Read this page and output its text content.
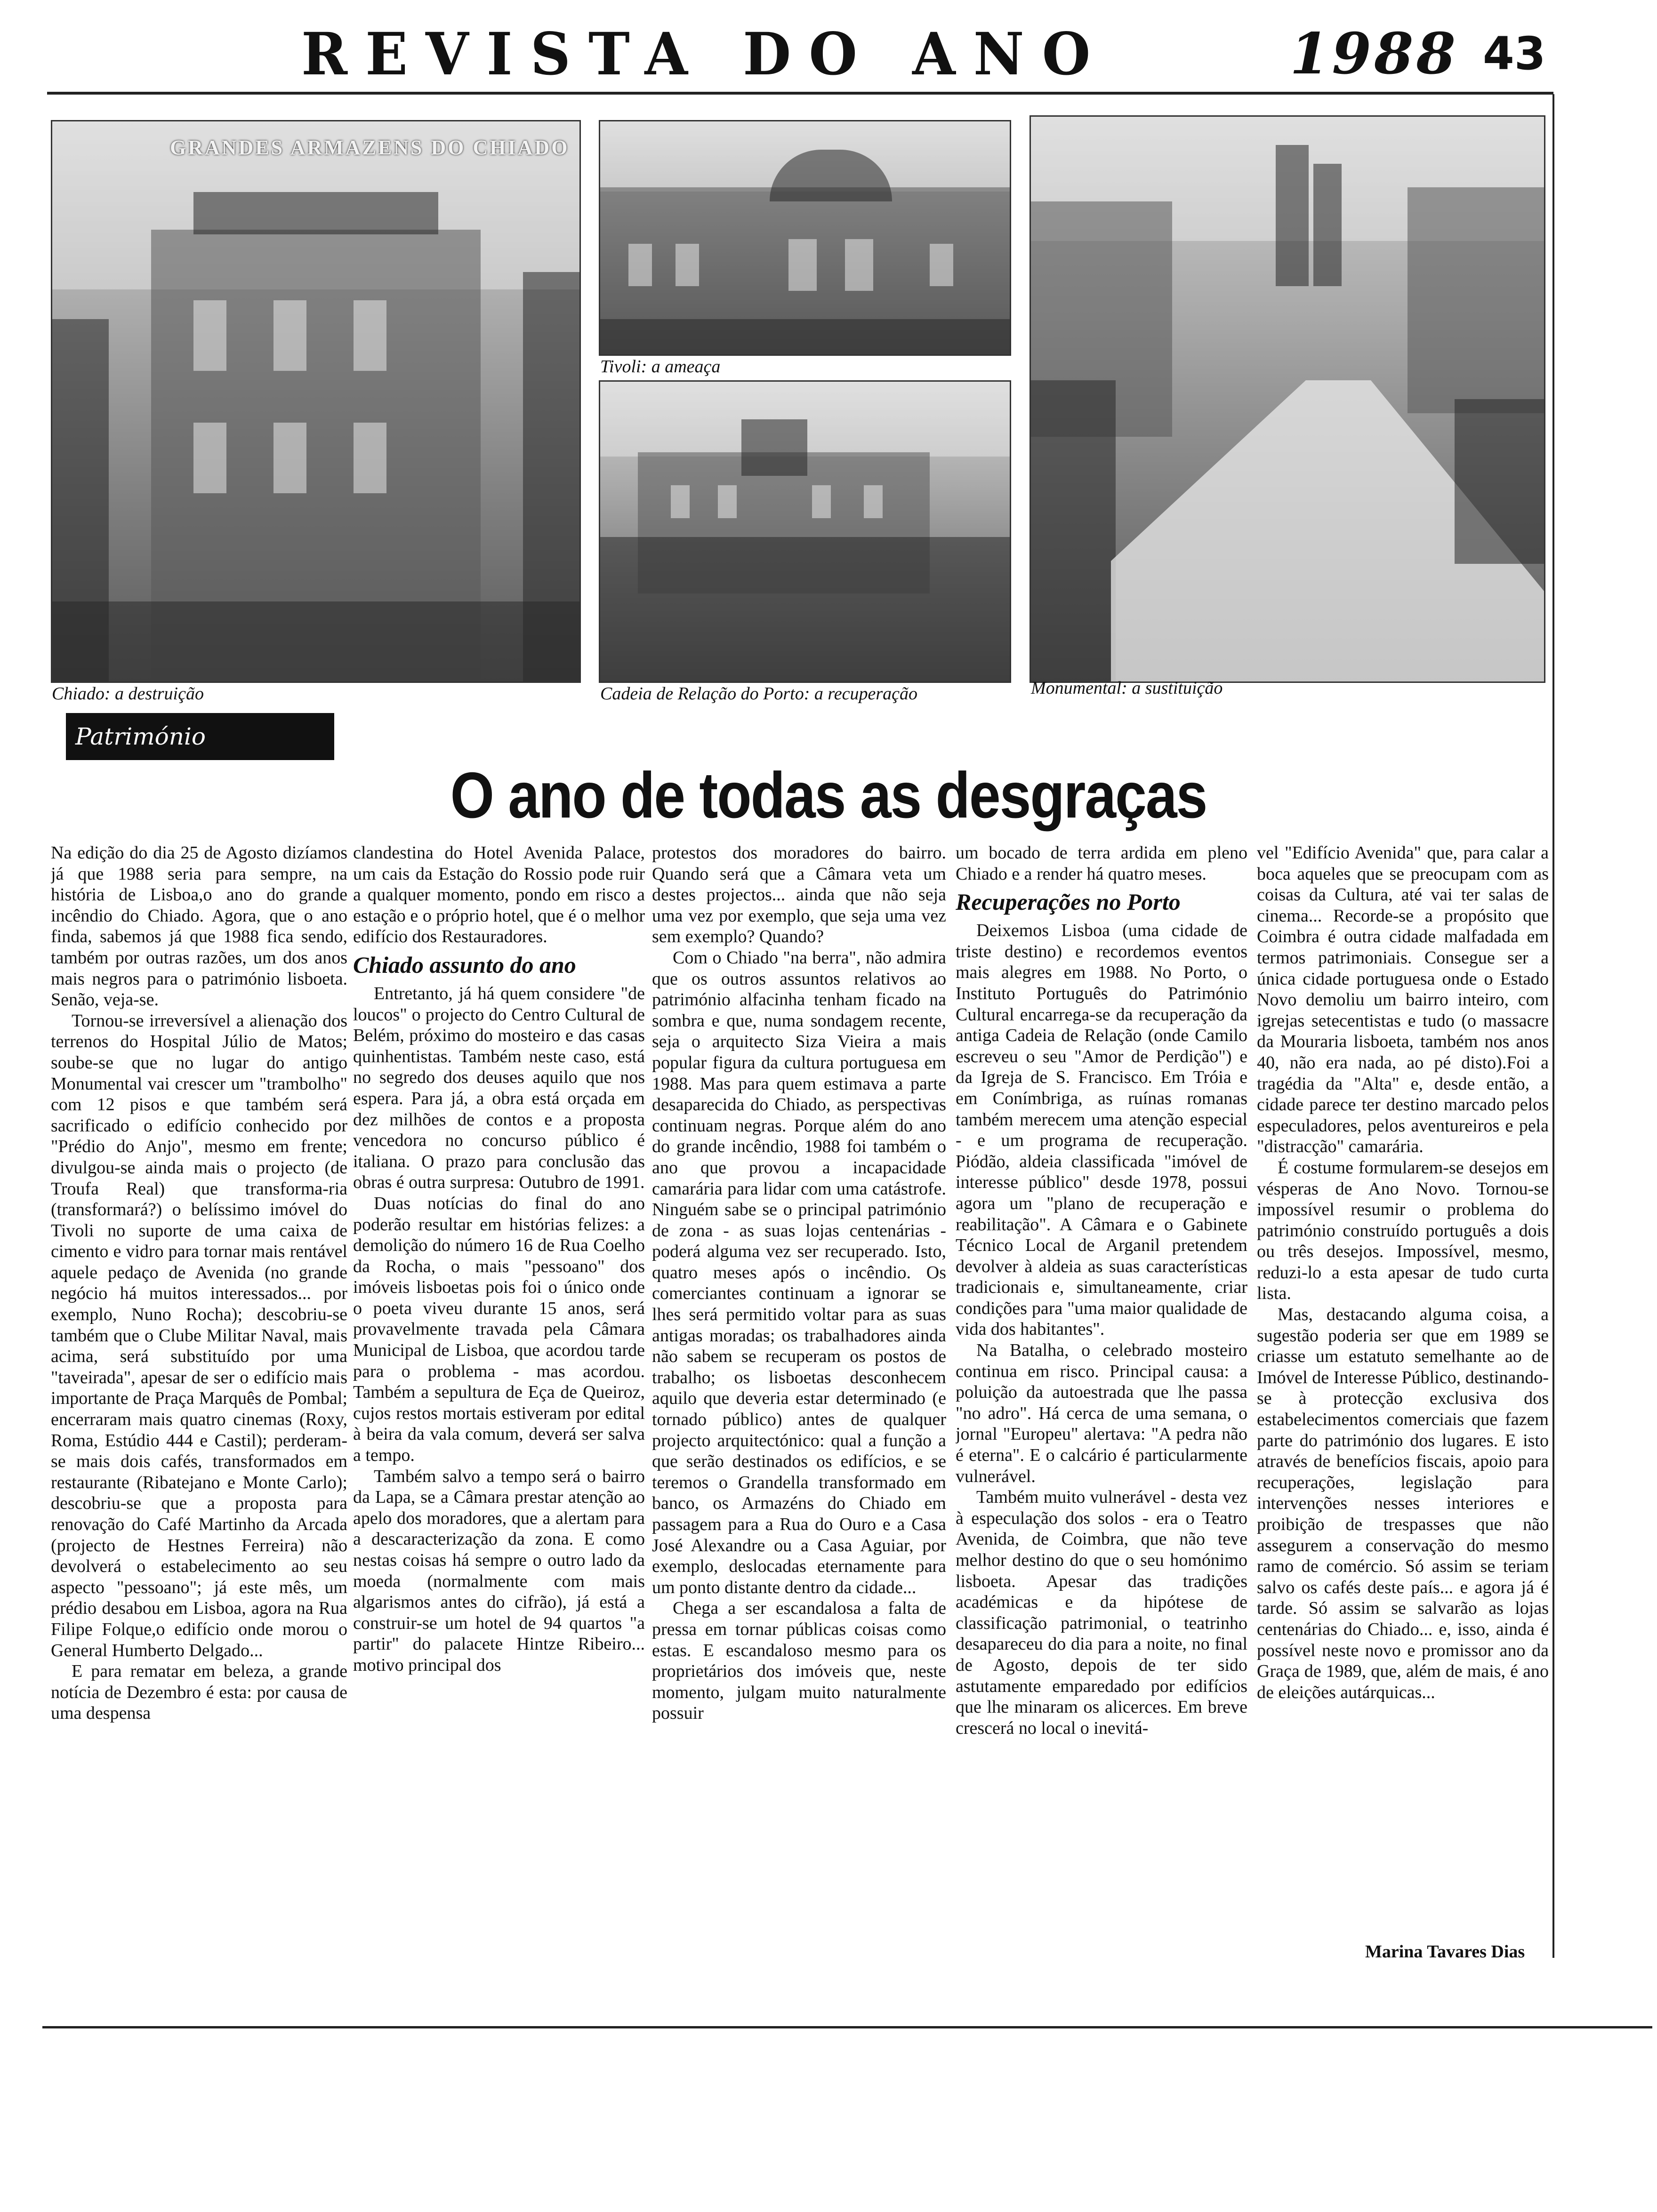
REVISTA DO ANO	1988 43
GRANDES ARMAZENS DO CHIADO
Chiado: a destruição
Tivoli: a ameaça
Cadeia de Relação do Porto: a recuperação	Monumental: a sustituição
Património
O ano de todas as desgraças

Na edição do dia 25 de Agosto dizíamos já que 1988 seria para sempre, na história de Lisboa,o ano do grande incêndio do Chiado. Agora, que o ano finda, sabemos já que 1988 fica sendo, também por outras razões, um dos anos mais negros para o património lisboeta. Senão, veja-se.

Tornou-se irreversível a alienação dos terrenos do Hospital Júlio de Matos; soube-se que no lugar do antigo Monumental vai crescer um "trambolho" com 12 pisos e que também será sacrificado o edifício conhecido por "Prédio do Anjo", mesmo em frente; divulgou-se ainda mais o projecto (de Troufa Real) que transforma-ria (transformará?) o belíssimo imóvel do Tivoli no suporte de uma caixa de cimento e vidro para tornar mais rentável aquele pedaço de Avenida (no grande negócio há muitos interessados... por exemplo, Nuno Rocha); descobriu-se também que o Clube Militar Naval, mais acima, será substituído por uma "taveirada", apesar de ser o edifício mais importante de Praça Marquês de Pombal; encerraram mais quatro cinemas (Roxy, Roma, Estúdio 444 e Castil); perderam-se mais dois cafés, transformados em restaurante (Ribatejano e Monte Carlo); descobriu-se que a proposta para renovação do Café Martinho da Arcada (projecto de Hestnes Ferreira) não devolverá o estabelecimento ao seu aspecto "pessoano"; já este mês, um prédio desabou em Lisboa, agora na Rua Filipe Folque,o edifício onde morou o General Humberto Delgado...

E para rematar em beleza, a grande notícia de Dezembro é esta: por causa de uma despensa

clandestina do Hotel Avenida Palace, um cais da Estação do Rossio pode ruir a qualquer momento, pondo em risco a estação e o próprio hotel, que é o melhor edifício dos Restauradores.

Chiado assunto do ano

Entretanto, já há quem considere "de loucos" o projecto do Centro Cultural de Belém, próximo do mosteiro e das casas quinhentistas. Também neste caso, está no segredo dos deuses aquilo que nos espera. Para já, a obra está orçada em dez milhões de contos e a proposta vencedora no concurso público é italiana. O prazo para conclusão das obras é outra surpresa: Outubro de 1991.

Duas notícias do final do ano poderão resultar em histórias felizes: a demolição do número 16 de Rua Coelho da Rocha, o mais "pessoano" dos imóveis lisboetas pois foi o único onde o poeta viveu durante 15 anos, será provavelmente travada pela Câmara Municipal de Lisboa, que acordou tarde para o problema - mas acordou. Também a sepultura de Eça de Queiroz, cujos restos mortais estiveram por edital à beira da vala comum, deverá ser salva a tempo.

Também salvo a tempo será o bairro da Lapa, se a Câmara prestar atenção ao apelo dos moradores, que a alertam para a descaracterização da zona. E como nestas coisas há sempre o outro lado da moeda (normalmente com mais algarismos antes do cifrão), já está a construir-se um hotel de 94 quartos "a partir" do palacete Hintze Ribeiro... motivo principal dos

protestos dos moradores do bairro. Quando será que a Câmara veta um destes projectos... ainda que não seja uma vez por exemplo, que seja uma vez sem exemplo? Quando?

Com o Chiado "na berra", não admira que os outros assuntos relativos ao património alfacinha tenham ficado na sombra e que, numa sondagem recente, seja o arquitecto Siza Vieira a mais popular figura da cultura portuguesa em 1988. Mas para quem estimava a parte desaparecida do Chiado, as perspectivas continuam negras. Porque além do ano do grande incêndio, 1988 foi também o ano que provou a incapacidade camarária para lidar com uma catástrofe. Ninguém sabe se o principal património de zona - as suas lojas centenárias - poderá alguma vez ser recuperado. Isto, quatro meses após o incêndio. Os comerciantes continuam a ignorar se lhes será permitido voltar para as suas antigas moradas; os trabalhadores ainda não sabem se recuperam os postos de trabalho; os lisboetas desconhecem aquilo que deveria estar determinado (e tornado público) antes de qualquer projecto arquitectónico: qual a função a que serão destinados os edifícios, e se teremos o Grandella transformado em banco, os Armazéns do Chiado em passagem para a Rua do Ouro e a Casa José Alexandre ou a Casa Aguiar, por exemplo, deslocadas eternamente para um ponto distante dentro da cidade...

Chega a ser escandalosa a falta de pressa em tornar públicas coisas como estas. E escandaloso mesmo para os proprietários dos imóveis que, neste momento, julgam muito naturalmente possuir

um bocado de terra ardida em pleno Chiado e a render há quatro meses.

Recuperações no Porto

Deixemos Lisboa (uma cidade de triste destino) e recordemos eventos mais alegres em 1988. No Porto, o Instituto Português do Património Cultural encarrega-se da recuperação da antiga Cadeia de Relação (onde Camilo escreveu o seu "Amor de Perdição") e da Igreja de S. Francisco. Em Tróia e em Conímbriga, as ruínas romanas também merecem uma atenção especial - e um programa de recuperação. Piódão, aldeia classificada "imóvel de interesse público" desde 1978, possui agora um "plano de recuperação e reabilitação". A Câmara e o Gabinete Técnico Local de Arganil pretendem devolver à aldeia as suas características tradicionais e, simultaneamente, criar condições para "uma maior qualidade de vida dos habitantes".

Na Batalha, o celebrado mosteiro continua em risco. Principal causa: a poluição da autoestrada que lhe passa "no adro". Há cerca de uma semana, o jornal "Europeu" alertava: "A pedra não é eterna". E o calcário é particularmente vulnerável.

Também muito vulnerável - desta vez à especulação dos solos - era o Teatro Avenida, de Coimbra, que não teve melhor destino do que o seu homónimo lisboeta. Apesar das tradições académicas e da hipótese de classificação patrimonial, o teatrinho desapareceu do dia para a noite, no final de Agosto, depois de ter sido astutamente emparedado por edifícios que lhe minaram os alicerces. Em breve crescerá no local o inevitá-

vel "Edifício Avenida" que, para calar a boca aqueles que se preocupam com as coisas da Cultura, até vai ter salas de cinema... Recorde-se a propósito que Coimbra é outra cidade malfadada em termos patrimoniais. Consegue ser a única cidade portuguesa onde o Estado Novo demoliu um bairro inteiro, com igrejas setecentistas e tudo (o massacre da Mouraria lisboeta, também nos anos 40, não era nada, ao pé disto).Foi a tragédia da "Alta" e, desde então, a cidade parece ter destino marcado pelos especuladores, pelos aventureiros e pela "distracção" camarária.

É costume formularem-se desejos em vésperas de Ano Novo. Tornou-se impossível resumir o problema do património construído português a dois ou três desejos. Impossível, mesmo, reduzi-lo a esta apesar de tudo curta lista.

Mas, destacando alguma coisa, a sugestão poderia ser que em 1989 se criasse um estatuto semelhante ao de Imóvel de Interesse Público, destinando-se à protecção exclusiva dos estabelecimentos comerciais que fazem parte do património dos lugares. E isto através de benefícios fiscais, apoio para recuperações, legislação para intervenções nesses interiores e proibição de trespasses que não assegurem a conservação do mesmo ramo de comércio. Só assim se teriam salvo os cafés deste país... e agora já é tarde. Só assim se salvarão as lojas centenárias do Chiado... e, isso, ainda é possível neste novo e promissor ano da Graça de 1989, que, além de mais, é ano de eleições autárquicas...

Marina Tavares Dias
